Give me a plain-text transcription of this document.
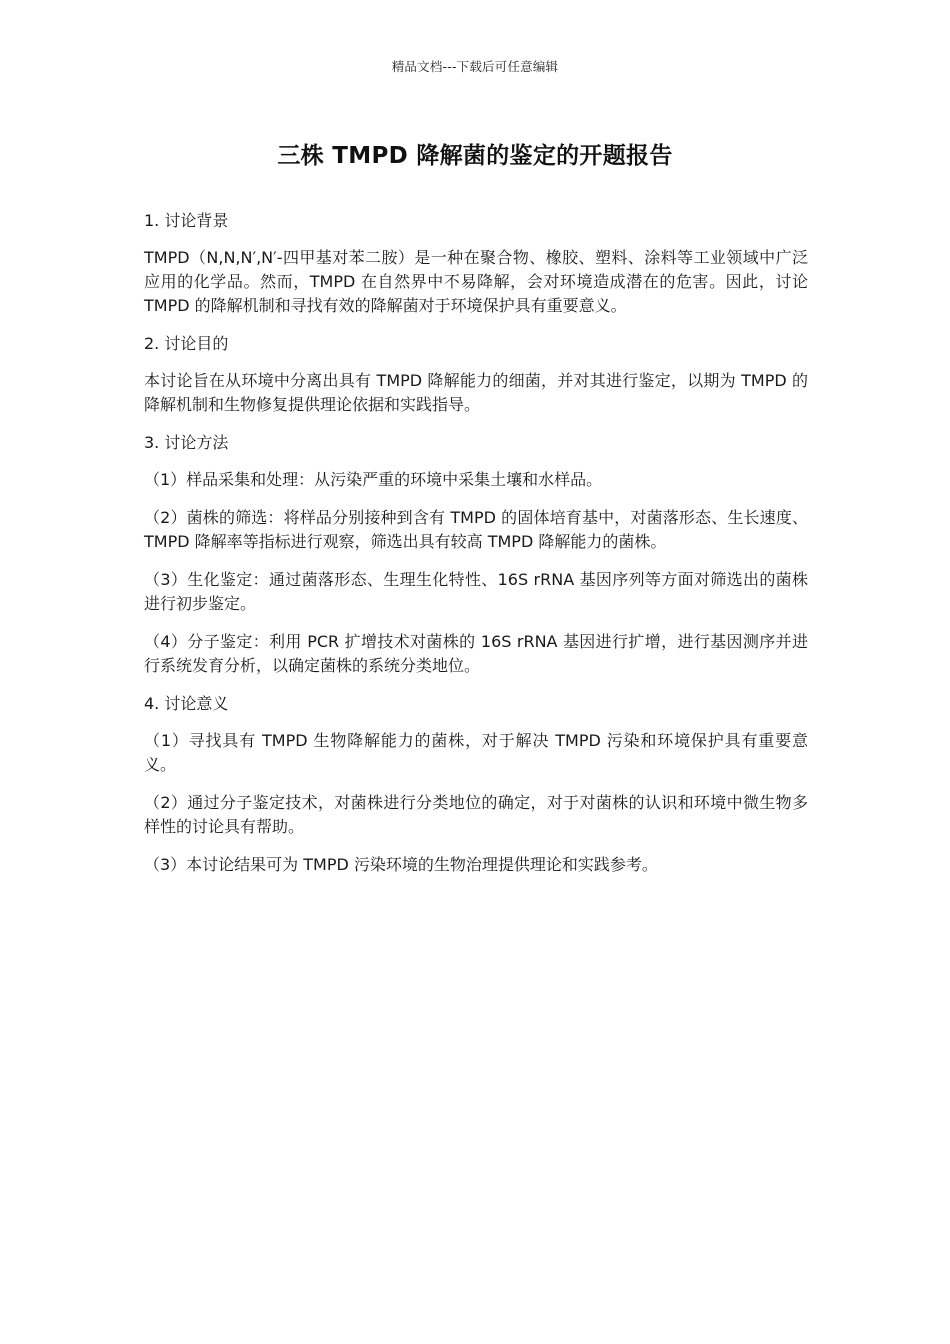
精品文档---下载后可任意编辑
三株 TMPD 降解菌的鉴定的开题报告

1. 讨论背景

TMPD（N,N,N′,N′-四甲基对苯二胺）是一种在聚合物、橡胶、塑料、涂料等工业领域中广泛应用的化学品。然而，TMPD 在自然界中不易降解，会对环境造成潜在的危害。因此，讨论 TMPD 的降解机制和寻找有效的降解菌对于环境保护具有重要意义。

2. 讨论目的

本讨论旨在从环境中分离出具有 TMPD 降解能力的细菌，并对其进行鉴定，以期为 TMPD 的降解机制和生物修复提供理论依据和实践指导。

3. 讨论方法

（1）样品采集和处理：从污染严重的环境中采集土壤和水样品。

（2）菌株的筛选：将样品分别接种到含有 TMPD 的固体培育基中，对菌落形态、生长速度、TMPD 降解率等指标进行观察，筛选出具有较高 TMPD 降解能力的菌株。

（3）生化鉴定：通过菌落形态、生理生化特性、16S rRNA 基因序列等方面对筛选出的菌株进行初步鉴定。

（4）分子鉴定：利用 PCR 扩增技术对菌株的 16S rRNA 基因进行扩增，进行基因测序并进行系统发育分析，以确定菌株的系统分类地位。

4. 讨论意义

（1）寻找具有 TMPD 生物降解能力的菌株，对于解决 TMPD 污染和环境保护具有重要意义。

（2）通过分子鉴定技术，对菌株进行分类地位的确定，对于对菌株的认识和环境中微生物多样性的讨论具有帮助。

（3）本讨论结果可为 TMPD 污染环境的生物治理提供理论和实践参考。
